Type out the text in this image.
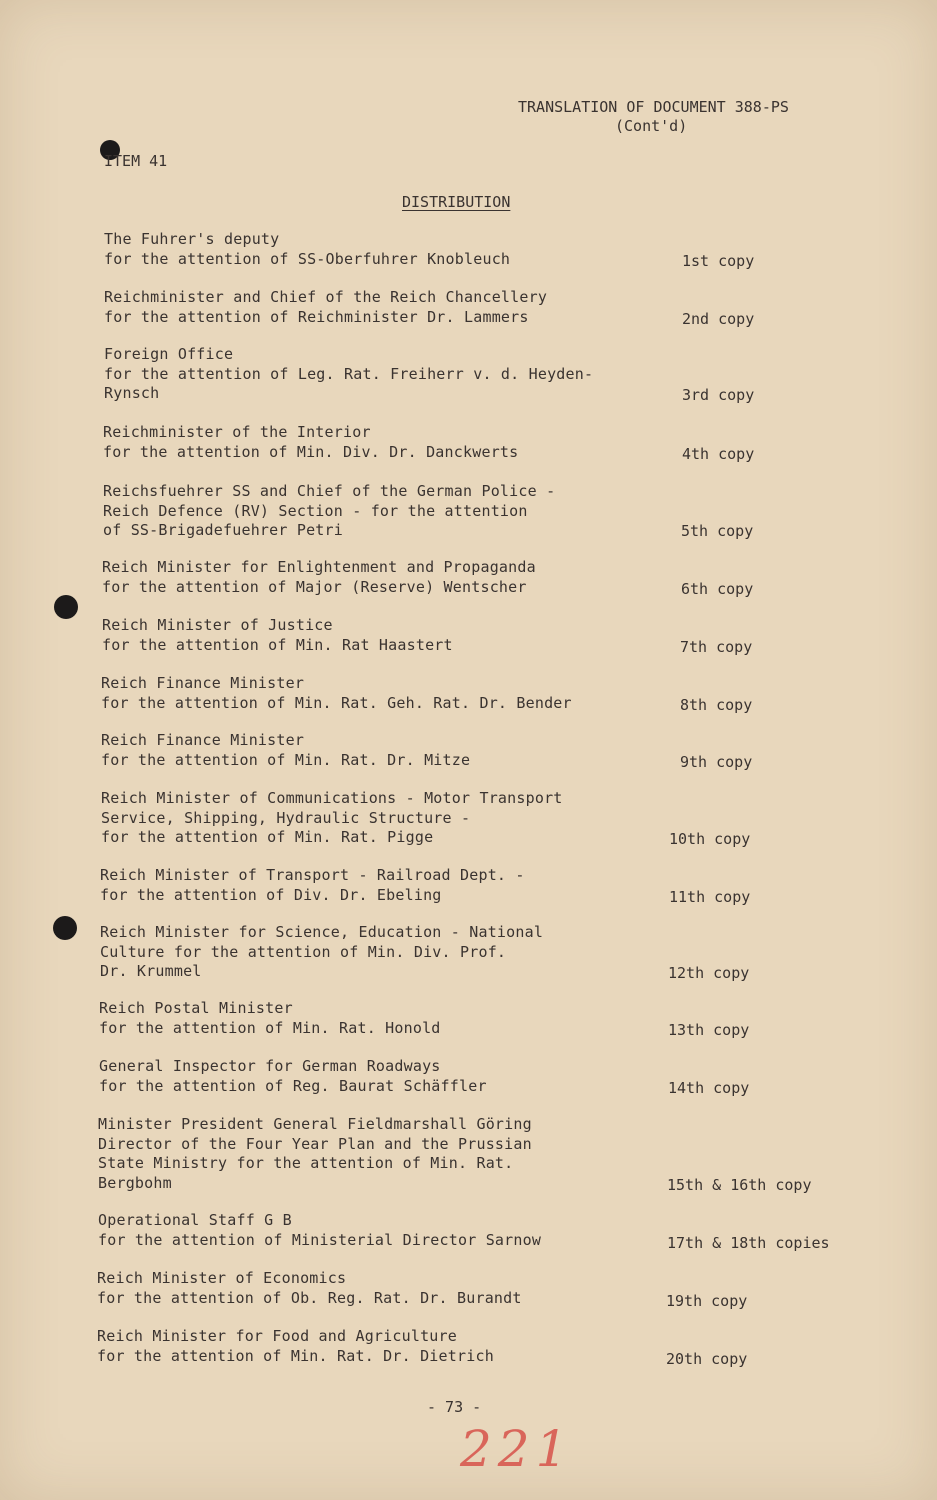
TRANSLATION OF DOCUMENT 388-PS
(Cont'd)
ITEM 41
DISTRIBUTION
The Fuhrer's deputy
for the attention of SS-Oberfuhrer Knobleuch	1st copy
Reichminister and Chief of the Reich Chancellery
for the attention of Reichminister Dr. Lammers	2nd copy
Foreign Office
for the attention of Leg. Rat. Freiherr v. d. Heyden-
Rynsch	3rd copy
Reichminister of the Interior
for the attention of Min. Div. Dr. Danckwerts	4th copy
Reichsfuehrer SS and Chief of the German Police -
Reich Defence (RV) Section - for the attention
of SS-Brigadefuehrer Petri	5th copy
Reich Minister for Enlightenment and Propaganda
for the attention of Major (Reserve) Wentscher	6th copy
Reich Minister of Justice
for the attention of Min. Rat Haastert	7th copy
Reich Finance Minister
for the attention of Min. Rat. Geh. Rat. Dr. Bender	8th copy
Reich Finance Minister
for the attention of Min. Rat. Dr. Mitze	9th copy
Reich Minister of Communications - Motor Transport
Service, Shipping, Hydraulic Structure -
for the attention of Min. Rat. Pigge	10th copy
Reich Minister of Transport - Railroad Dept. -
for the attention of Div. Dr. Ebeling	11th copy
Reich Minister for Science, Education - National
Culture for the attention of Min. Div. Prof.
Dr. Krummel	12th copy
Reich Postal Minister
for the attention of Min. Rat. Honold	13th copy
General Inspector for German Roadways
for the attention of Reg. Baurat Schäffler	14th copy
Minister President General Fieldmarshall Göring
Director of the Four Year Plan and the Prussian
State Ministry for the attention of Min. Rat.
Bergbohm	15th & 16th copy
Operational Staff G B
for the attention of Ministerial Director Sarnow	17th & 18th copies
Reich Minister of Economics
for the attention of Ob. Reg. Rat. Dr. Burandt	19th copy
Reich Minister for Food and Agriculture
for the attention of Min. Rat. Dr. Dietrich	20th copy
- 73 -
221
